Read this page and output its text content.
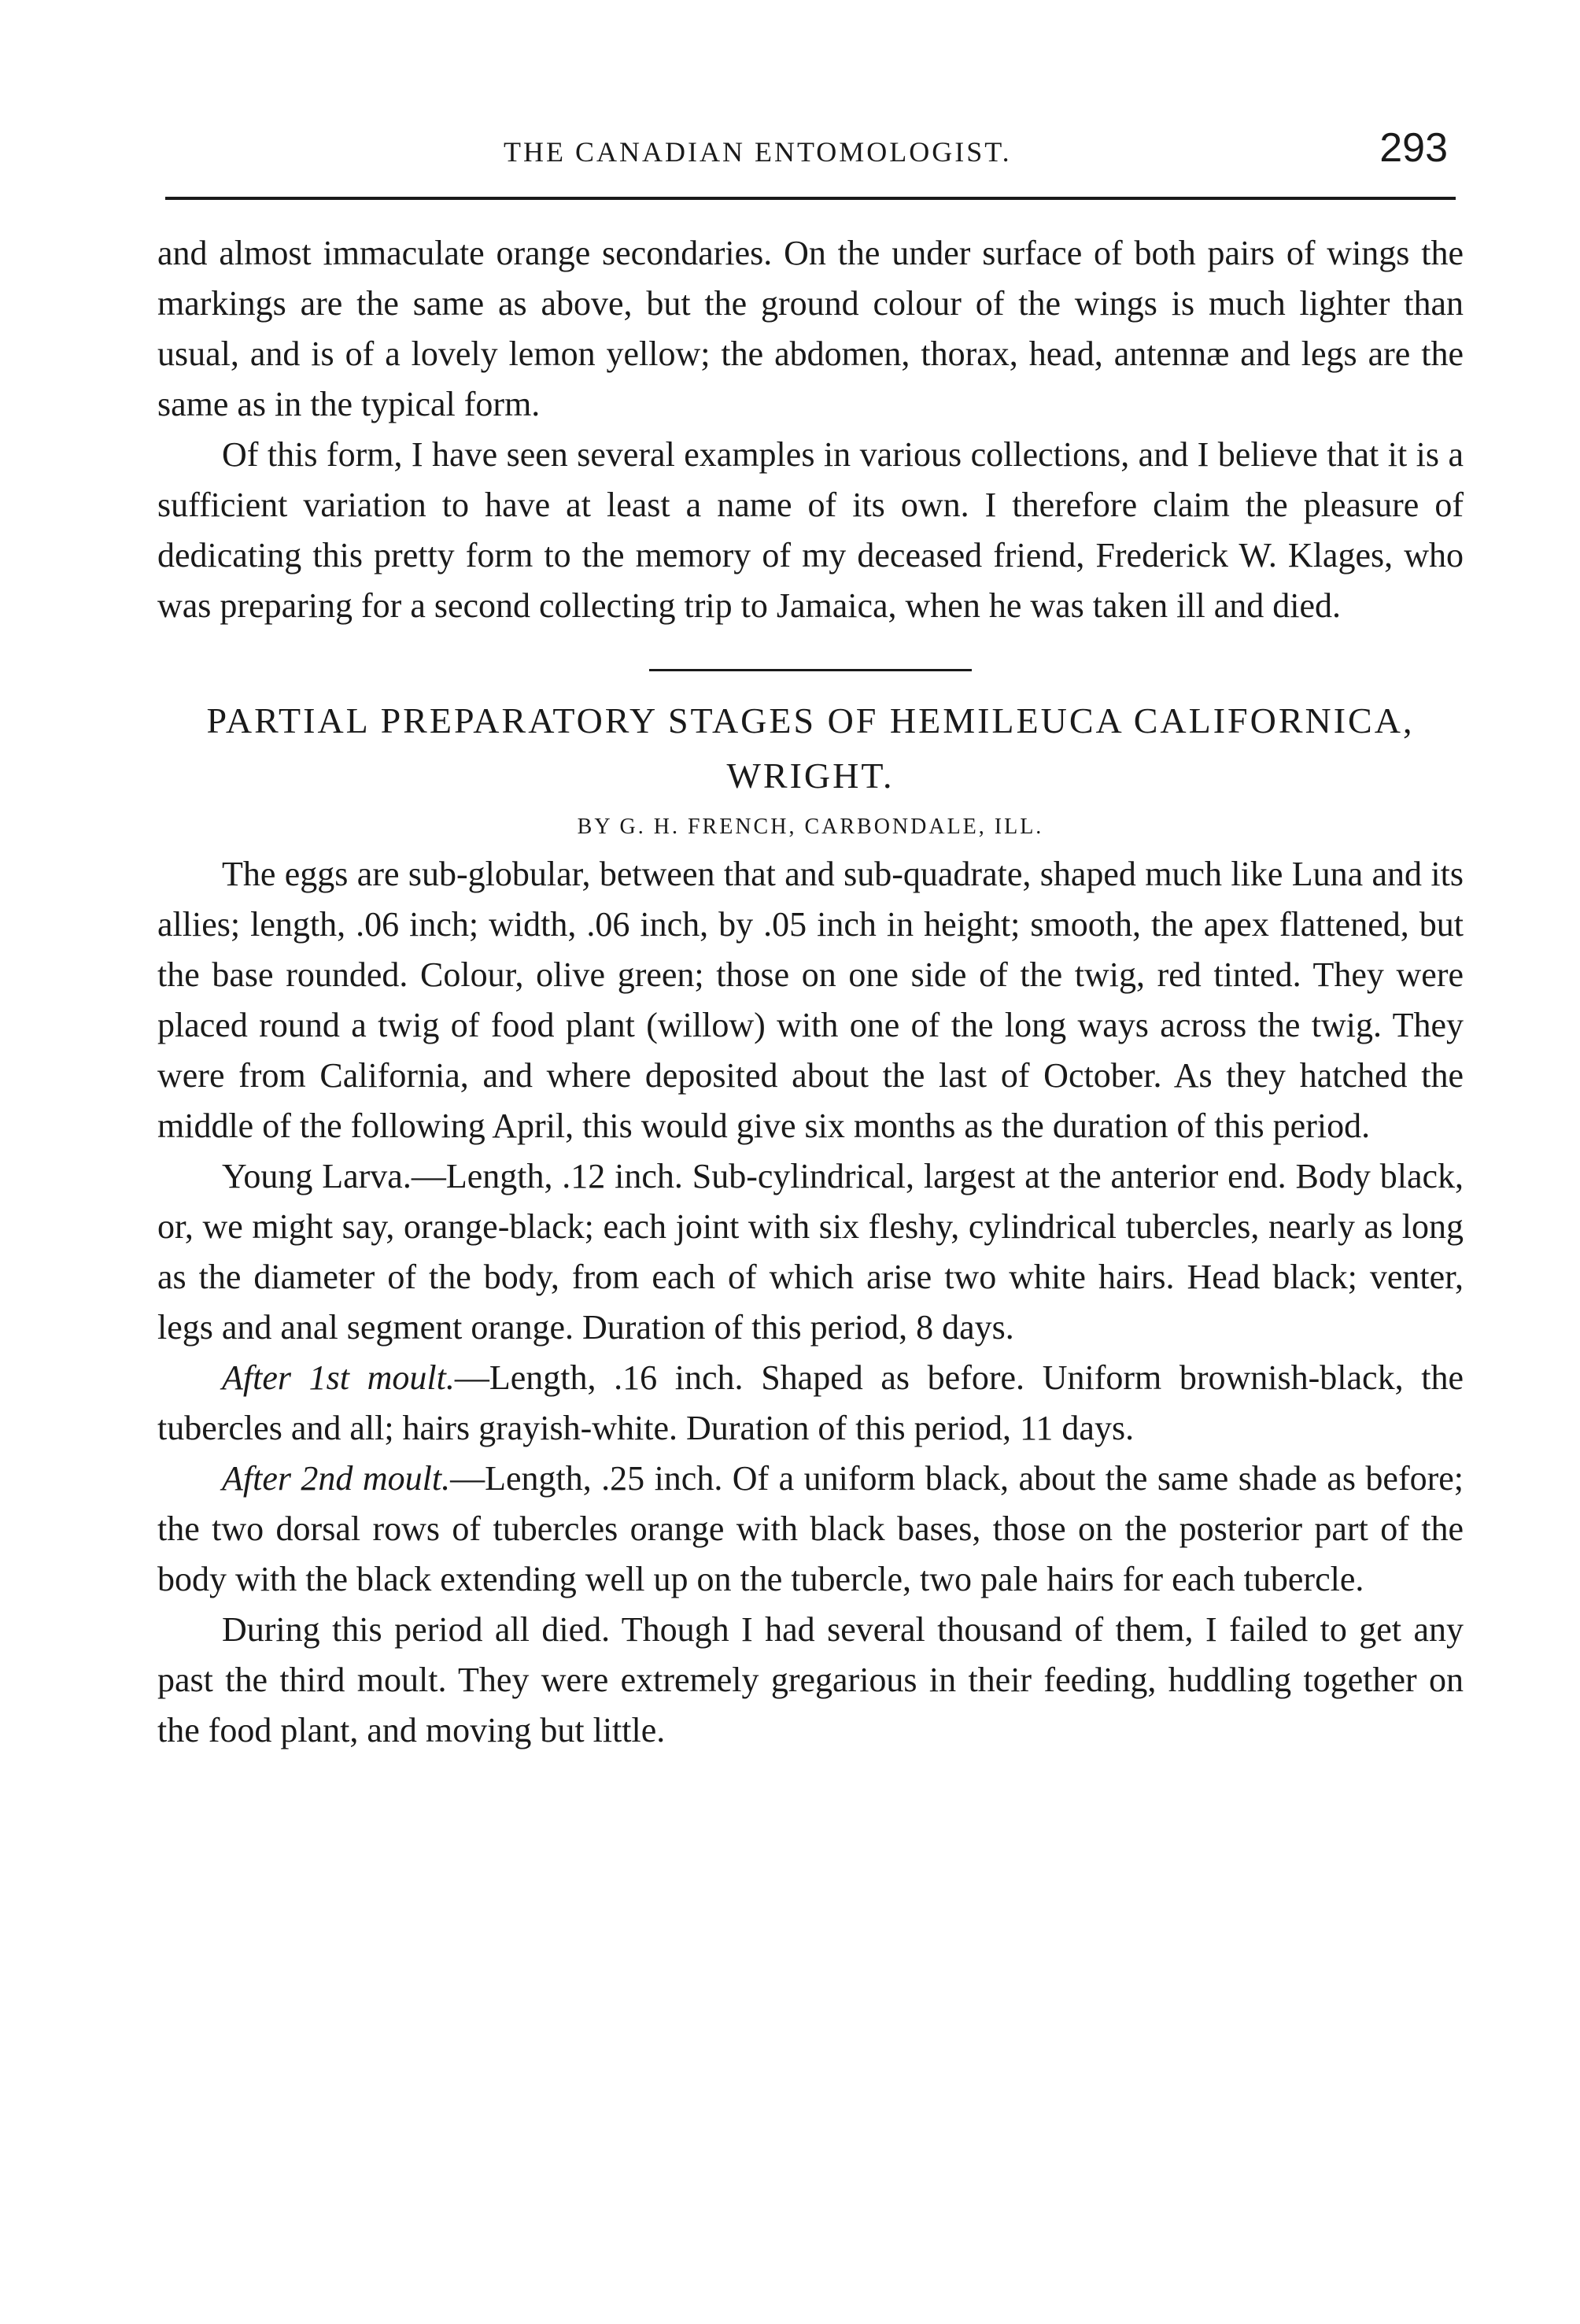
THE CANADIAN ENTOMOLOGIST.	293

and almost immaculate orange secondaries. On the under surface of both pairs of wings the markings are the same as above, but the ground colour of the wings is much lighter than usual, and is of a lovely lemon yellow; the abdomen, thorax, head, antennæ and legs are the same as in the typical form.

Of this form, I have seen several examples in various collections, and I believe that it is a sufficient variation to have at least a name of its own. I therefore claim the pleasure of dedicating this pretty form to the memory of my deceased friend, Frederick W. Klages, who was preparing for a second collecting trip to Jamaica, when he was taken ill and died.

PARTIAL PREPARATORY STAGES OF HEMILEUCA CALIFORNICA, WRIGHT.
BY G. H. FRENCH, CARBONDALE, ILL.

The eggs are sub-globular, between that and sub-quadrate, shaped much like Luna and its allies; length, .06 inch; width, .06 inch, by .05 inch in height; smooth, the apex flattened, but the base rounded. Colour, olive green; those on one side of the twig, red tinted. They were placed round a twig of food plant (willow) with one of the long ways across the twig. They were from California, and where deposited about the last of October. As they hatched the middle of the following April, this would give six months as the duration of this period.

Young Larva.—Length, .12 inch. Sub-cylindrical, largest at the anterior end. Body black, or, we might say, orange-black; each joint with six fleshy, cylindrical tubercles, nearly as long as the diameter of the body, from each of which arise two white hairs. Head black; venter, legs and anal segment orange. Duration of this period, 8 days.

After 1st moult.—Length, .16 inch. Shaped as before. Uniform brownish-black, the tubercles and all; hairs grayish-white. Duration of this period, 11 days.

After 2nd moult.—Length, .25 inch. Of a uniform black, about the same shade as before; the two dorsal rows of tubercles orange with black bases, those on the posterior part of the body with the black extending well up on the tubercle, two pale hairs for each tubercle.

During this period all died. Though I had several thousand of them, I failed to get any past the third moult. They were extremely gregarious in their feeding, huddling together on the food plant, and moving but little.
